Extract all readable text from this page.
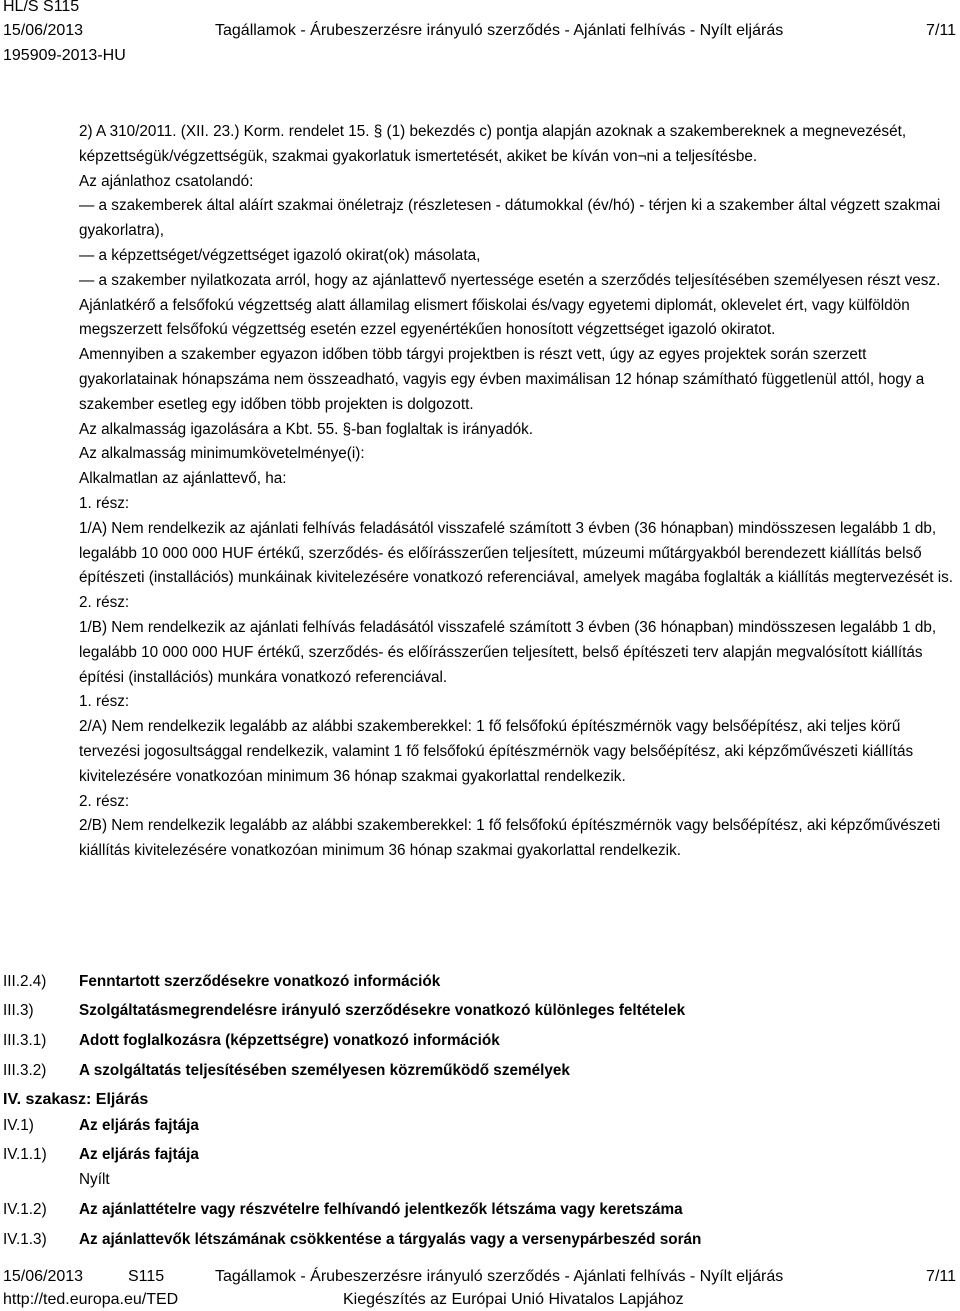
HL/S S115
15/06/2013	Tagállamok - Árubeszerzésre irányuló szerződés - Ajánlati felhívás - Nyílt eljárás	7/11
195909-2013-HU

2) A 310/2011. (XII. 23.) Korm. rendelet 15. § (1) bekezdés c) pontja alapján azoknak a szakembereknek a megnevezését, képzettségük/végzettségük, szakmai gyakorlatuk ismertetését, akiket be kíván von¬ni a teljesítésbe.

Az ajánlathoz csatolandó:

— a szakemberek által aláírt szakmai önéletrajz (részletesen - dátumokkal (év/hó) - térjen ki a szakember által végzett szakmai gyakorlatra),

— a képzettséget/végzettséget igazoló okirat(ok) másolata,

— a szakember nyilatkozata arról, hogy az ajánlattevő nyertessége esetén a szerződés teljesítésében személyesen részt vesz.

Ajánlatkérő a felsőfokú végzettség alatt államilag elismert főiskolai és/vagy egyetemi diplomát, oklevelet ért, vagy külföldön megszerzett felsőfokú végzettség esetén ezzel egyenértékűen honosított végzettséget igazoló okiratot.

Amennyiben a szakember egyazon időben több tárgyi projektben is részt vett, úgy az egyes projektek során szerzett gyakorlatainak hónapszáma nem összeadható, vagyis egy évben maximálisan 12 hónap számítható függetlenül attól, hogy a szakember esetleg egy időben több projekten is dolgozott.

Az alkalmasság igazolására a Kbt. 55. §-ban foglaltak is irányadók.

Az alkalmasság minimumkövetelménye(i):

Alkalmatlan az ajánlattevő, ha:

1. rész:

1/A) Nem rendelkezik az ajánlati felhívás feladásától visszafelé számított 3 évben (36 hónapban) mindösszesen legalább 1 db, legalább 10 000 000 HUF értékű, szerződés- és előírásszerűen teljesített, múzeumi műtárgyakból berendezett kiállítás belső építészeti (installációs) munkáinak kivitelezésére vonatkozó referenciával, amelyek magába foglalták a kiállítás megtervezését is.

2. rész:

1/B) Nem rendelkezik az ajánlati felhívás feladásától visszafelé számított 3 évben (36 hónapban) mindösszesen legalább 1 db, legalább 10 000 000 HUF értékű, szerződés- és előírásszerűen teljesített, belső építészeti terv alapján megvalósított kiállítás építési (installációs) munkára vonatkozó referenciával.

1. rész:

2/A) Nem rendelkezik legalább az alábbi szakemberekkel: 1 fő felsőfokú építészmérnök vagy belsőépítész, aki teljes körű tervezési jogosultsággal rendelkezik, valamint 1 fő felsőfokú építészmérnök vagy belsőépítész, aki képzőművészeti kiállítás kivitelezésére vonatkozóan minimum 36 hónap szakmai gyakorlattal rendelkezik.

2. rész:

2/B) Nem rendelkezik legalább az alábbi szakemberekkel: 1 fő felsőfokú építészmérnök vagy belsőépítész, aki képzőművészeti kiállítás kivitelezésére vonatkozóan minimum 36 hónap szakmai gyakorlattal rendelkezik.

III.2.4) Fenntartott szerződésekre vonatkozó információk
III.3)	Szolgáltatásmegrendelésre irányuló szerződésekre vonatkozó különleges feltételek
III.3.1) Adott foglalkozásra (képzettségre) vonatkozó információk
III.3.2) A szolgáltatás teljesítésében személyesen közreműködő személyek
IV. szakasz: Eljárás
IV.1)	Az eljárás fajtája
IV.1.1) Az eljárás fajtája
Nyílt
IV.1.2) Az ajánlattételre vagy részvételre felhívandó jelentkezők létszáma vagy keretszáma
IV.1.3) Az ajánlattevők létszámának csökkentése a tárgyalás vagy a versenypárbeszéd során
15/06/2013	S115	Tagállamok - Árubeszerzésre irányuló szerződés - Ajánlati felhívás - Nyílt eljárás	7/11
http://ted.europa.eu/TED	Kiegészítés az Európai Unió Hivatalos Lapjához
